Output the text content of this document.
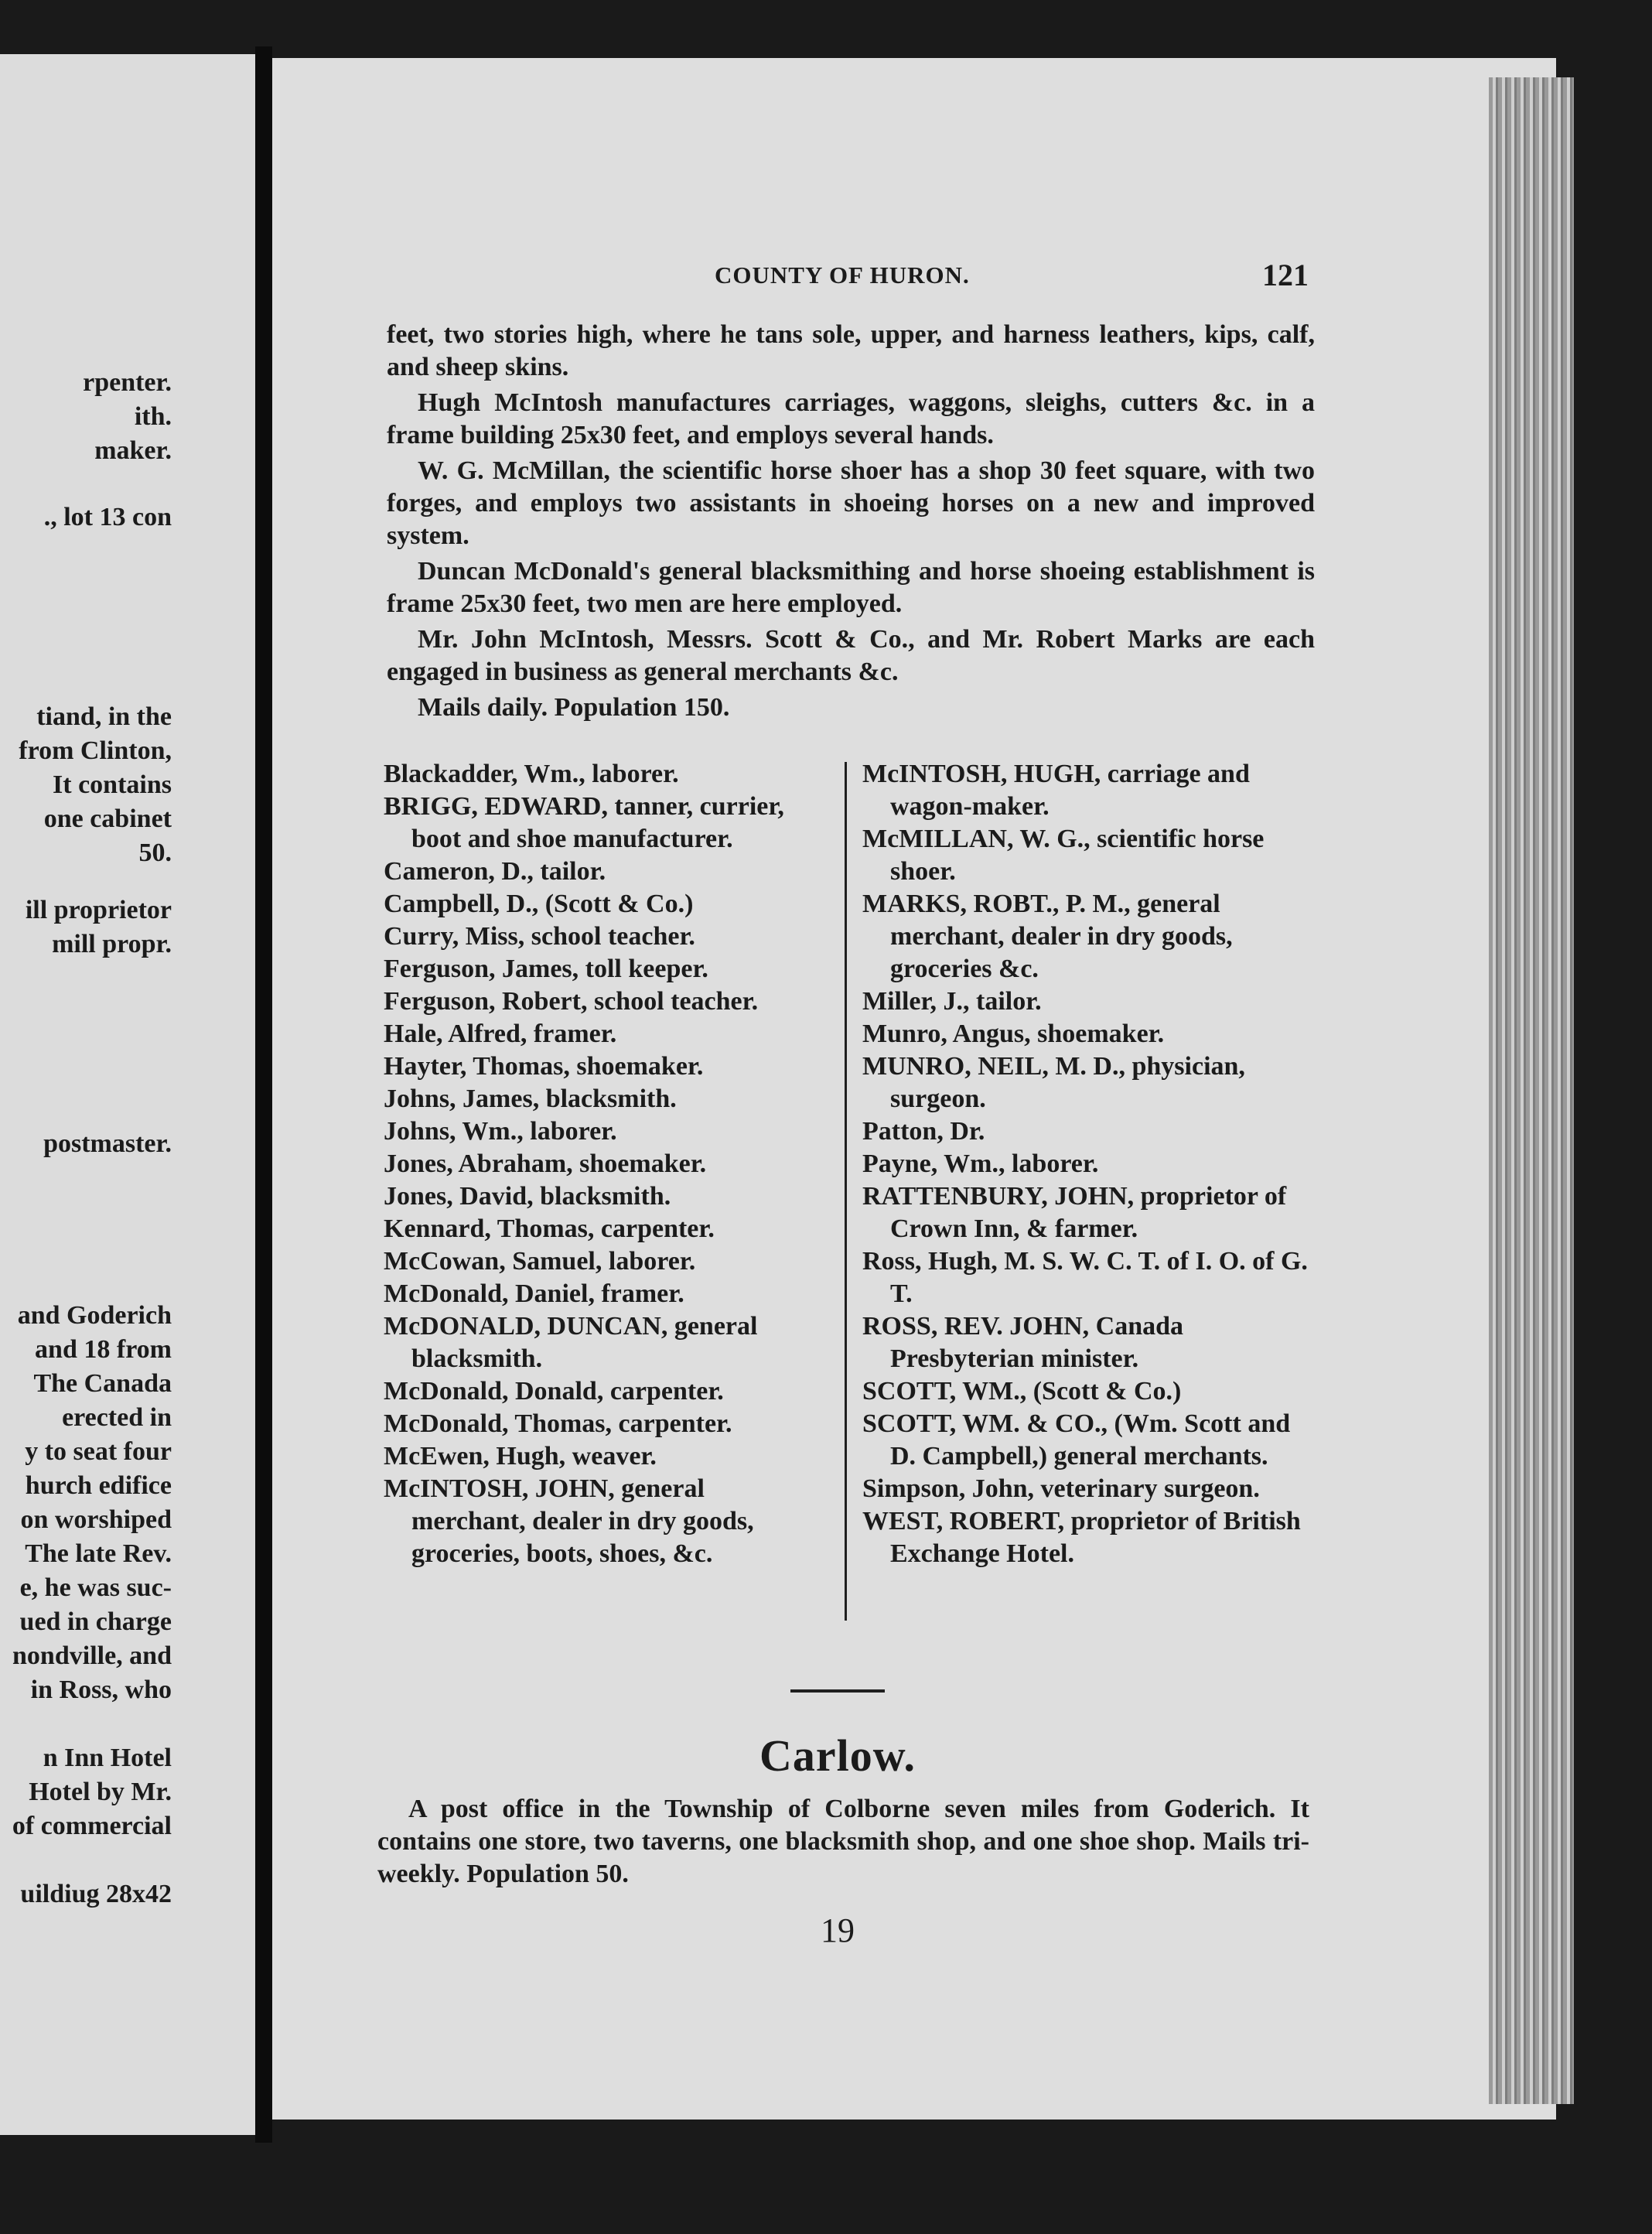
rpenter.
ith.
maker.
., lot 13 con
tiand, in the
from Clinton,
It contains
one cabinet
50.
ill proprietor
mill propr.
postmaster.
and Goderich
and 18 from
The Canada
erected in
y to seat four
hurch edifice
on worshiped
The late Rev.
e, he was suc-
ued in charge
nondville, and
in Ross, who
n Inn Hotel
Hotel by Mr.
of commercial
uildiug 28x42
COUNTY OF HURON.	121
feet, two stories high, where he tans sole, upper, and harness leathers, kips, calf, and sheep skins.
Hugh McIntosh manufactures carriages, waggons, sleighs, cutters &c. in a frame building 25x30 feet, and employs several hands.
W. G. McMillan, the scientific horse shoer has a shop 30 feet square, with two forges, and employs two assistants in shoeing horses on a new and improved system.
Duncan McDonald's general blacksmithing and horse shoeing establishment is frame 25x30 feet, two men are here employed.
Mr. John McIntosh, Messrs. Scott & Co., and Mr. Robert Marks are each engaged in business as general merchants &c.
Mails daily. Population 150.

Blackadder, Wm., laborer.

BRIGG, EDWARD, tanner, currier, boot and shoe manufacturer.

Cameron, D., tailor.

Campbell, D., (Scott & Co.)

Curry, Miss, school teacher.

Ferguson, James, toll keeper.

Ferguson, Robert, school teacher.

Hale, Alfred, framer.

Hayter, Thomas, shoemaker.

Johns, James, blacksmith.

Johns, Wm., laborer.

Jones, Abraham, shoemaker.

Jones, David, blacksmith.

Kennard, Thomas, carpenter.

McCowan, Samuel, laborer.

McDonald, Daniel, framer.

McDONALD, DUNCAN, general blacksmith.

McDonald, Donald, carpenter.

McDonald, Thomas, carpenter.

McEwen, Hugh, weaver.

McINTOSH, JOHN, general merchant, dealer in dry goods, groceries, boots, shoes, &c.

McINTOSH, HUGH, carriage and wagon-maker.

McMILLAN, W. G., scientific horse shoer.

MARKS, ROBT., P. M., general merchant, dealer in dry goods, groceries &c.

Miller, J., tailor.

Munro, Angus, shoemaker.

MUNRO, NEIL, M. D., physician, surgeon.

Patton, Dr.

Payne, Wm., laborer.

RATTENBURY, JOHN, proprietor of Crown Inn, & farmer.

Ross, Hugh, M. S. W. C. T. of I. O. of G. T.

ROSS, REV. JOHN, Canada Presbyterian minister.

SCOTT, WM., (Scott & Co.)

SCOTT, WM. & CO., (Wm. Scott and D. Campbell,) general merchants.

Simpson, John, veterinary surgeon.

WEST, ROBERT, proprietor of British Exchange Hotel.

Carlow.
A post office in the Township of Colborne seven miles from Goderich. It contains one store, two taverns, one blacksmith shop, and one shoe shop. Mails tri-weekly. Population 50.
19
